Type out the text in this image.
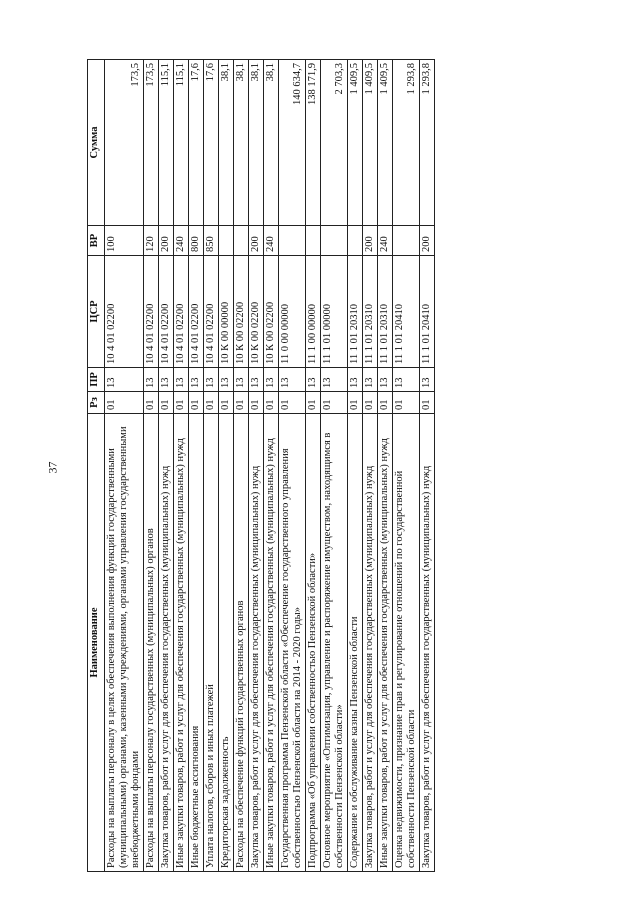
37
Наименование	Рз	ПР	ЦСР	ВР	Сумма
Расходы на выплаты персоналу в целях обеспечения выполнения функций государственными (муниципальными) органами, казенными учреждениями, органами управления государственными внебюджетными фондами	01	13	10 4 01 02200	100	173,5
Расходы на выплаты персоналу государственных (муниципальных) органов	01	13	10 4 01 02200	120	173,5
Закупка товаров, работ и услуг для обеспечения государственных (муниципальных) нужд	01	13	10 4 01 02200	200	115,1
Иные закупки товаров, работ и услуг для обеспечения государственных (муниципальных) нужд	01	13	10 4 01 02200	240	115,1
Иные бюджетные ассигнования	01	13	10 4 01 02200	800	17,6
Уплата налогов, сборов и иных платежей	01	13	10 4 01 02200	850	17,6
Кредиторская задолженность	01	13	10 К 00 00000		38,1
Расходы на обеспечение функций государственных органов	01	13	10 К 00 02200		38,1
Закупка товаров, работ и услуг для обеспечения государственных (муниципальных) нужд	01	13	10 К 00 02200	200	38,1
Иные закупки товаров, работ и услуг для обеспечения государственных (муниципальных) нужд	01	13	10 К 00 02200	240	38,1
Государственная программа Пензенской области «Обеспечение государственного управления собственностью Пензенской области на 2014 - 2020 годы»	01	13	11 0 00 00000		140 634,7
Подпрограмма «Об управлении собственностью Пензенской области»	01	13	11 1 00 00000		138 171,9
Основное мероприятие «Оптимизация, управление и распоряжение имуществом, находящимся в собственности Пензенской области»	01	13	11 1 01 00000		2 703,3
Содержание и обслуживание казны Пензенской области	01	13	11 1 01 20310		1 409,5
Закупка товаров, работ и услуг для обеспечения государственных (муниципальных) нужд	01	13	11 1 01 20310	200	1 409,5
Иные закупки товаров, работ и услуг для обеспечения государственных (муниципальных) нужд	01	13	11 1 01 20310	240	1 409,5
Оценка недвижимости, признание прав и регулирование отношений по государственной собственности Пензенской области	01	13	11 1 01 20410		1 293,8
Закупка товаров, работ и услуг для обеспечения государственных (муниципальных) нужд	01	13	11 1 01 20410	200	1 293,8
